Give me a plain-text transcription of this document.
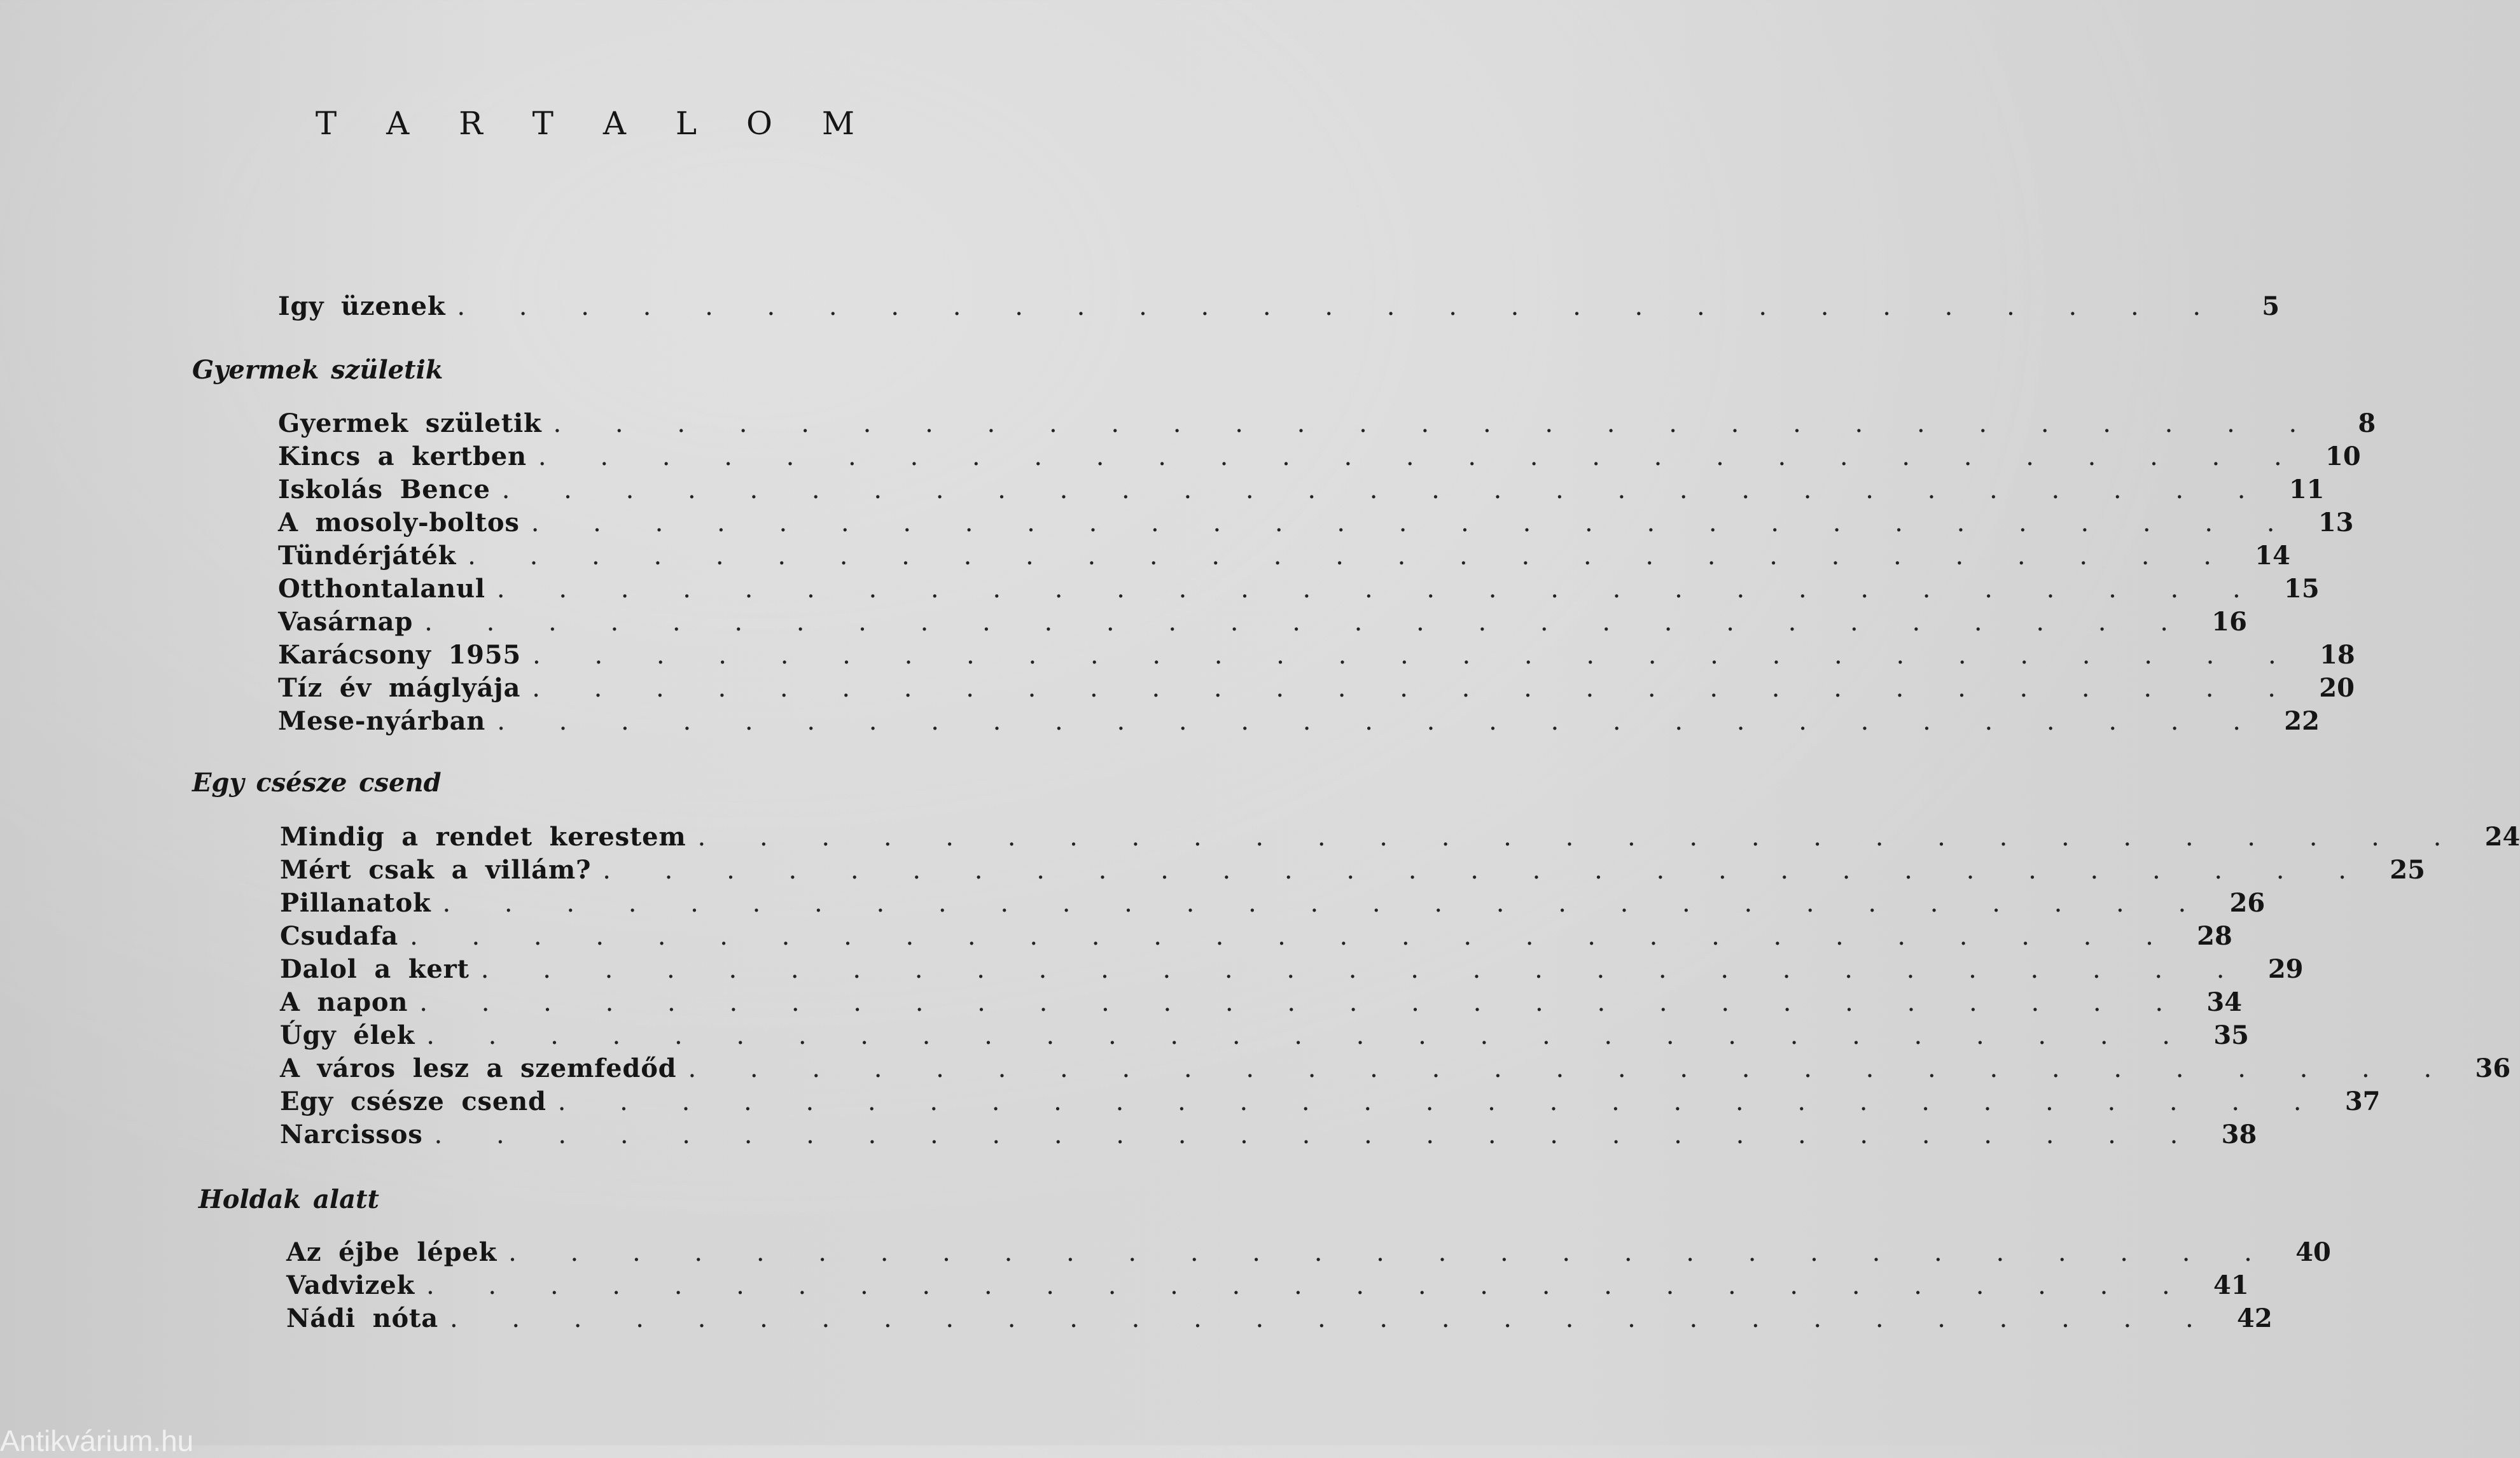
T A R T A L O M
Igy üzenek . . . . . . . . . . . . . . . . . . . . . . . . . . . . .	5
Gyermek születik
Gyermek születik . . . . . . . . . . . . . . . . . . . . . . . . . . . . .	8
Kincs a kertben . . . . . . . . . . . . . . . . . . . . . . . . . . . . . 10
Iskolás Bence . . . . . . . . . . . . . . . . . . . . . . . . . . . . . 11
A mosoly-boltos . . . . . . . . . . . . . . . . . . . . . . . . . . . . . 13
Tündérjáték . . . . . . . . . . . . . . . . . . . . . . . . . . . . . 14
Otthontalanul . . . . . . . . . . . . . . . . . . . . . . . . . . . . . 15
Vasárnap . . . . . . . . . . . . . . . . . . . . . . . . . . . . . 16
Karácsony 1955 . . . . . . . . . . . . . . . . . . . . . . . . . . . . . 18
Tíz év máglyája . . . . . . . . . . . . . . . . . . . . . . . . . . . . . 20
Mese-nyárban . . . . . . . . . . . . . . . . . . . . . . . . . . . . . 22
Egy csésze csend
Mindig a rendet kerestem . . . . . . . . . . . . . . . . . . . . . . . . . . . . . 24
Mért csak a villám? . . . . . . . . . . . . . . . . . . . . . . . . . . . . . 25
Pillanatok . . . . . . . . . . . . . . . . . . . . . . . . . . . . . 26
Csudafa . . . . . . . . . . . . . . . . . . . . . . . . . . . . . 28
Dalol a kert . . . . . . . . . . . . . . . . . . . . . . . . . . . . . 29
A napon . . . . . . . . . . . . . . . . . . . . . . . . . . . . . 34
Úgy élek . . . . . . . . . . . . . . . . . . . . . . . . . . . . . 35
A város lesz a szemfedőd . . . . . . . . . . . . . . . . . . . . . . . . . . . . . 36
Egy csésze csend . . . . . . . . . . . . . . . . . . . . . . . . . . . . . 37
Narcissos . . . . . . . . . . . . . . . . . . . . . . . . . . . . . 38
Holdak alatt
Az éjbe lépek . . . . . . . . . . . . . . . . . . . . . . . . . . . . . 40
Vadvizek . . . . . . . . . . . . . . . . . . . . . . . . . . . . . 41
Nádi nóta . . . . . . . . . . . . . . . . . . . . . . . . . . . . . 42
Antikvárium.hu
